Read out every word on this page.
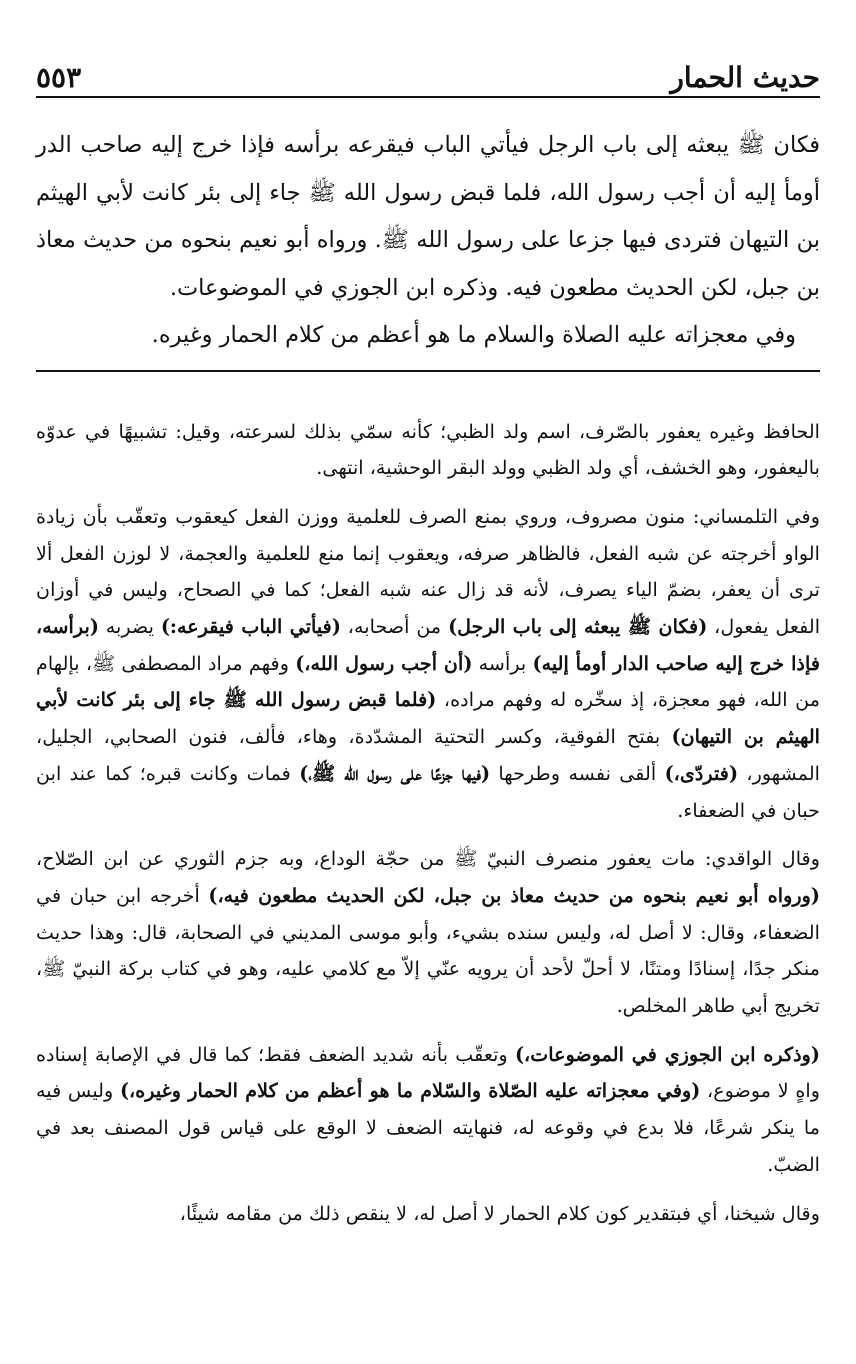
حديث الحمار
٥٥٣

فكان ﷺ يبعثه إلى باب الرجل فيأتي الباب فيقرعه برأسه فإذا خرج إليه صاحب الدر أومأ إليه أن أجب رسول الله، فلما قبض رسول الله ﷺ جاء إلى بئر كانت لأبي الهيثم بن التيهان فتردى فيها جزعا على رسول الله ﷺ. ورواه أبو نعيم بنحوه من حديث معاذ بن جبل، لكن الحديث مطعون فيه. وذكره ابن الجوزي في الموضوعات.

وفي معجزاته عليه الصلاة والسلام ما هو أعظم من كلام الحمار وغيره.

الحافظ وغيره يعفور بالصّرف، اسم ولد الظبي؛ كأنه سمّي بذلك لسرعته، وقيل: تشبيهًا في عدوّه باليعفور، وهو الخشف، أي ولد الظبي وولد البقر الوحشية، انتهى.

وفي التلمساني: منون مصروف، وروي بمنع الصرف للعلمية ووزن الفعل كيعقوب وتعقّب بأن زيادة الواو أخرجته عن شبه الفعل، فالظاهر صرفه، ويعقوب إنما منع للعلمية والعجمة، لا لوزن الفعل ألا ترى أن يعفر، بضمّ الياء يصرف، لأنه قد زال عنه شبه الفعل؛ كما في الصحاح، وليس في أوزان الفعل يفعول، (فكان ﷺ يبعثه إلى باب الرجل) من أصحابه، (فيأتي الباب فيقرعه:) يضربه (برأسه، فإذا خرج إليه صاحب الدار أومأ إليه) برأسه (أن أجب رسول الله،) وفهم مراد المصطفى ﷺ، بإلهام من الله، فهو معجزة، إذ سخّره له وفهم مراده، (فلما قبض رسول الله ﷺ جاء إلى بئر كانت لأبي الهيثم بن التيهان) بفتح الفوقية، وكسر التحتية المشدّدة، وهاء، فألف، فنون الصحابي، الجليل، المشهور، (فتردّى،) ألقى نفسه وطرحها (فيها جزعًا على رسول الله ﷺ،) فمات وكانت قبره؛ كما عند ابن حبان في الضعفاء.

وقال الواقدي: مات يعفور منصرف النبيّ ﷺ من حجّة الوداع، وبه جزم الثوري عن ابن الصّلاح، (ورواه أبو نعيم بنحوه من حديث معاذ بن جبل، لكن الحديث مطعون فيه،) أخرجه ابن حبان في الضعفاء، وقال: لا أصل له، وليس سنده بشيء، وأبو موسى المديني في الصحابة، قال: وهذا حديث منكر جدًا، إسنادًا ومتنًا، لا أحلّ لأحد أن يرويه عنّي إلاّ مع كلامي عليه، وهو في كتاب بركة النبيّ ﷺ، تخريج أبي طاهر المخلص.

(وذكره ابن الجوزي في الموضوعات،) وتعقّب بأنه شديد الضعف فقط؛ كما قال في الإصابة إسناده واهٍ لا موضوع، (وفي معجزاته عليه الصّلاة والسّلام ما هو أعظم من كلام الحمار وغيره،) وليس فيه ما ينكر شرعًا، فلا بدع في وقوعه له، فنهايته الضعف لا الوقع على قياس قول المصنف بعد في الضبّ.

وقال شيخنا، أي فبتقدير كون كلام الحمار لا أصل له، لا ينقص ذلك من مقامه شيئًا،
